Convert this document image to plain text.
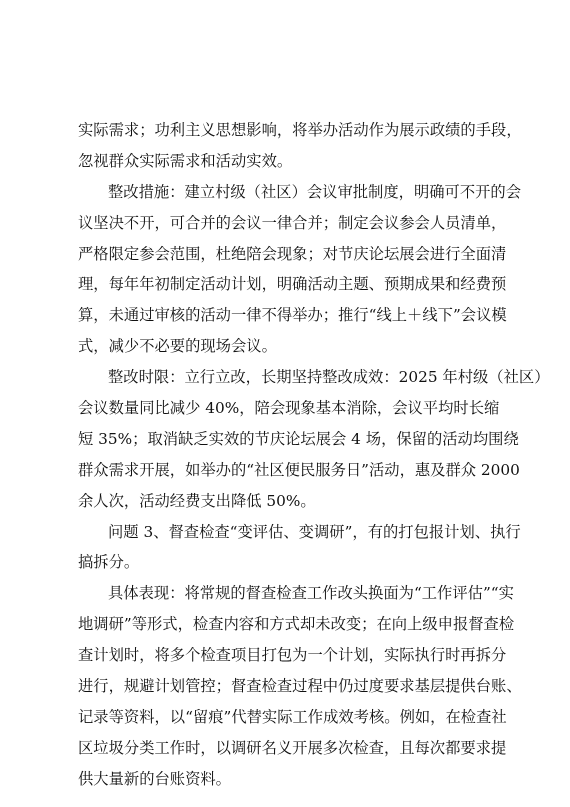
实际需求；功利主义思想影响，将举办活动作为展示政绩的手段，
忽视群众实际需求和活动实效。
整改措施：建立村级（社区）会议审批制度，明确可不开的会
议坚决不开，可合并的会议一律合并；制定会议参会人员清单，
严格限定参会范围，杜绝陪会现象；对节庆论坛展会进行全面清
理，每年年初制定活动计划，明确活动主题、预期成果和经费预
算，未通过审核的活动一律不得举办；推行“线上＋线下”会议模
式，减少不必要的现场会议。
整改时限：立行立改，长期坚持整改成效：2025 年村级（社区）
会议数量同比减少 40%，陪会现象基本消除，会议平均时长缩
短 35%；取消缺乏实效的节庆论坛展会 4 场，保留的活动均围绕
群众需求开展，如举办的“社区便民服务日”活动，惠及群众 2000
余人次，活动经费支出降低 50%。
问题 3、督查检查“变评估、变调研”，有的打包报计划、执行
搞拆分。
具体表现：将常规的督查检查工作改头换面为“工作评估”“实
地调研”等形式，检查内容和方式却未改变；在向上级申报督查检
查计划时，将多个检查项目打包为一个计划，实际执行时再拆分
进行，规避计划管控；督查检查过程中仍过度要求基层提供台账、
记录等资料，以“留痕”代替实际工作成效考核。例如，在检查社
区垃圾分类工作时，以调研名义开展多次检查，且每次都要求提
供大量新的台账资料。
